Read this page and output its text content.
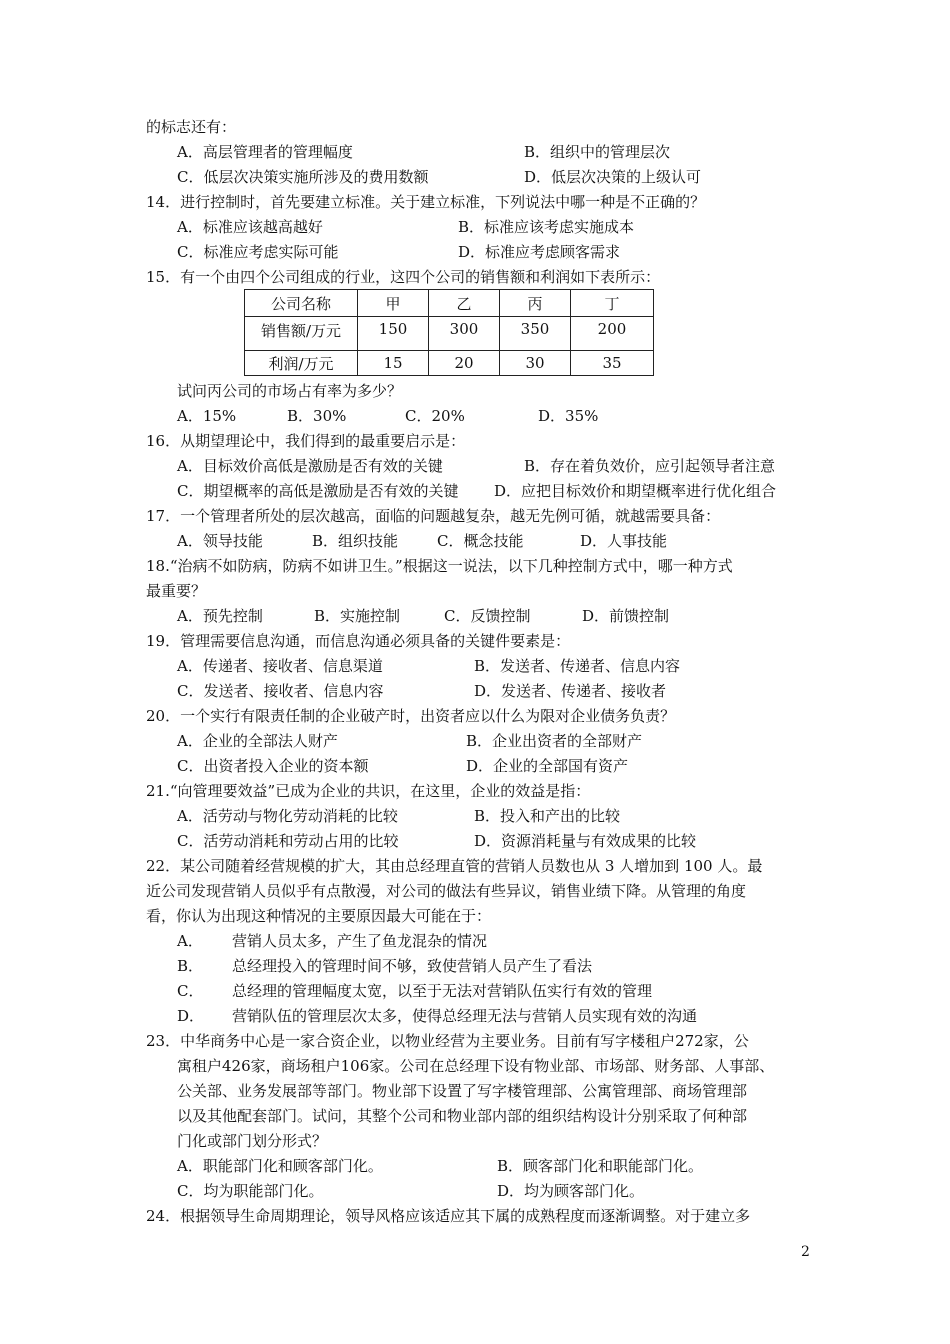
的标志还有：
A．高层管理者的管理幅度	B．组织中的管理层次
C．低层次决策实施所涉及的费用数额	D．低层次决策的上级认可
14．进行控制时，首先要建立标准。关于建立标准，下列说法中哪一种是不正确的？
A．标准应该越高越好	B．标准应该考虑实施成本
C．标准应考虑实际可能	D．标准应考虑顾客需求
15．有一个由四个公司组成的行业，这四个公司的销售额和利润如下表所示：
公司名称	甲	乙	丙	丁
销售额/万元	150	300	350	200
利润/万元	15	20	30	35
试问丙公司的市场占有率为多少？
A．15%	B．30%	C．20%	D．35%
16．从期望理论中，我们得到的最重要启示是：
A．目标效价高低是激励是否有效的关键	B．存在着负效价，应引起领导者注意
C．期望概率的高低是激励是否有效的关键 D．应把目标效价和期望概率进行优化组合
17．一个管理者所处的层次越高，面临的问题越复杂，越无先例可循，就越需要具备：
A．领导技能	B．组织技能	C．概念技能	D．人事技能
18.“治病不如防病，防病不如讲卫生。”根据这一说法，以下几种控制方式中，哪一种方式
最重要？
A．预先控制	B．实施控制	C．反馈控制	D．前馈控制
19．管理需要信息沟通，而信息沟通必须具备的关键件要素是：
A．传递者、接收者、信息渠道	B．发送者、传递者、信息内容
C．发送者、接收者、信息内容	D．发送者、传递者、接收者
20．一个实行有限责任制的企业破产时，出资者应以什么为限对企业债务负责？
A．企业的全部法人财产	B．企业出资者的全部财产
C．出资者投入企业的资本额	D．企业的全部国有资产
21.“向管理要效益”已成为企业的共识，在这里，企业的效益是指：
A．活劳动与物化劳动消耗的比较	B．投入和产出的比较
C．活劳动消耗和劳动占用的比较	D．资源消耗量与有效成果的比较
22．某公司随着经营规模的扩大，其由总经理直管的营销人员数也从 3 人增加到 100 人。最
近公司发现营销人员似乎有点散漫，对公司的做法有些异议，销售业绩下降。从管理的角度
看，你认为出现这种情况的主要原因最大可能在于：
A． 营销人员太多，产生了鱼龙混杂的情况
B． 总经理投入的管理时间不够，致使营销人员产生了看法
C． 总经理的管理幅度太宽，以至于无法对营销队伍实行有效的管理
D． 营销队伍的管理层次太多，使得总经理无法与营销人员实现有效的沟通
23．中华商务中心是一家合资企业，以物业经营为主要业务。目前有写字楼租户272家，公
寓租户426家，商场租户106家。公司在总经理下设有物业部、市场部、财务部、人事部、
公关部、业务发展部等部门。物业部下设置了写字楼管理部、公寓管理部、商场管理部
以及其他配套部门。试问，其整个公司和物业部内部的组织结构设计分别采取了何种部
门化或部门划分形式？
A．职能部门化和顾客部门化。	B．顾客部门化和职能部门化。
C．均为职能部门化。	D．均为顾客部门化。
24．根据领导生命周期理论，领导风格应该适应其下属的成熟程度而逐渐调整。对于建立多
2
